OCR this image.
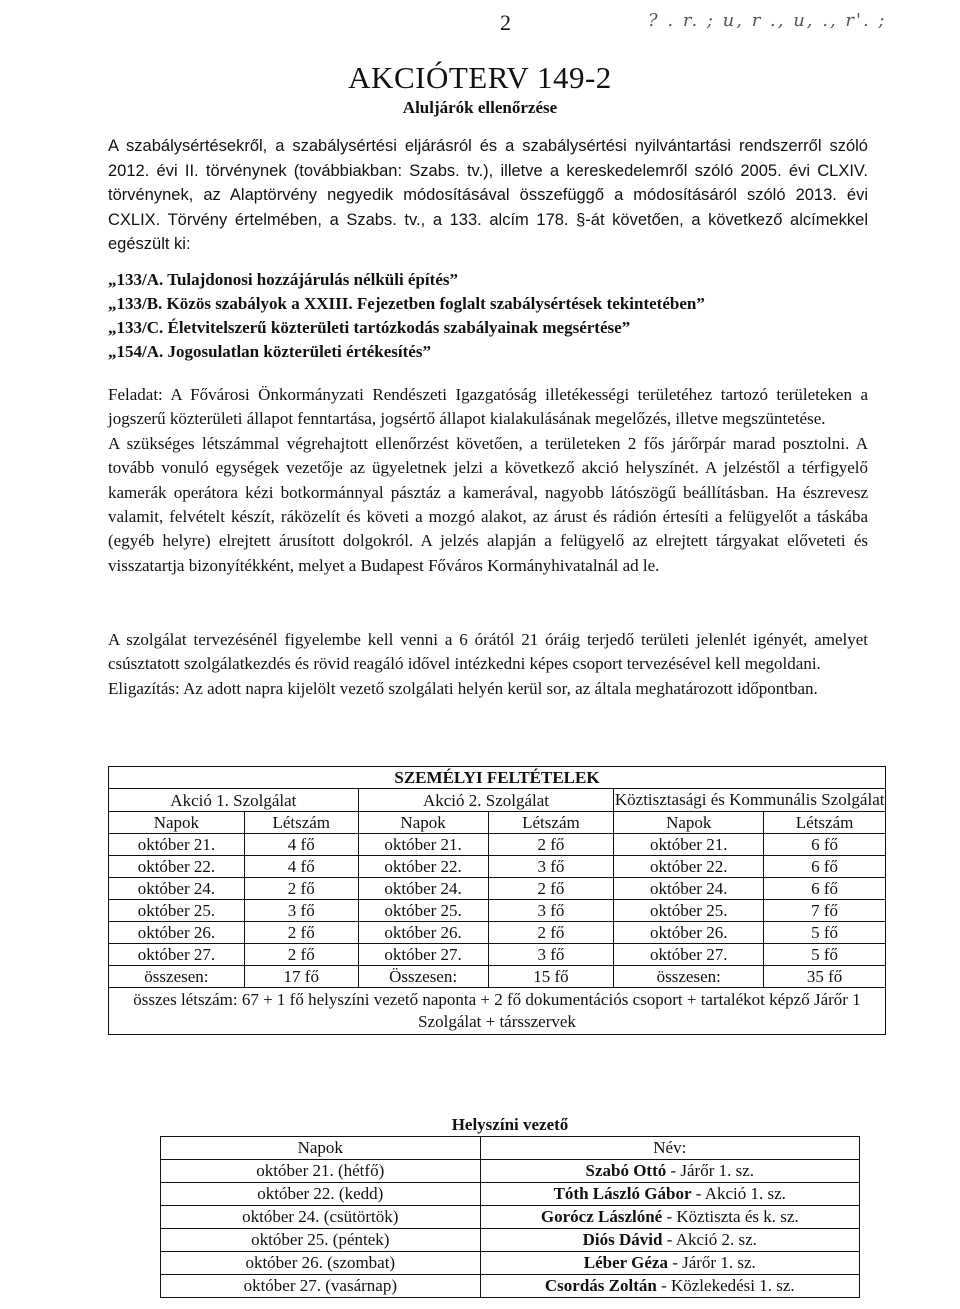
2	? . r. ; u, r ., u, ., r'. ;
AKCIÓTERV 149-2
Aluljárók ellenőrzése
A szabálysértésekről, a szabálysértési eljárásról és a szabálysértési nyilvántartási rendszerről szóló 2012. évi II. törvénynek (továbbiakban: Szabs. tv.), illetve a kereskedelemről szóló 2005. évi CLXIV. törvénynek, az Alaptörvény negyedik módosításával összefüggő a módosításáról szóló 2013. évi CXLIX. Törvény értelmében, a Szabs. tv., a 133. alcím 178. §-át követően, a következő alcímekkel egészült ki:
„133/A. Tulajdonosi hozzájárulás nélküli építés”
„133/B. Közös szabályok a XXIII. Fejezetben foglalt szabálysértések tekintetében”
„133/C. Életvitelszerű közterületi tartózkodás szabályainak megsértése”
„154/A. Jogosulatlan közterületi értékesítés”
Feladat: A Fővárosi Önkormányzati Rendészeti Igazgatóság illetékességi területéhez tartozó területeken a jogszerű közterületi állapot fenntartása, jogsértő állapot kialakulásának megelőzés, illetve megszüntetése.
A szükséges létszámmal végrehajtott ellenőrzést követően, a területeken 2 fős járőrpár marad posztolni. A tovább vonuló egységek vezetője az ügyeletnek jelzi a következő akció helyszínét. A jelzéstől a térfigyelő kamerák operátora kézi botkormánnyal pásztáz a kamerával, nagyobb látószögű beállításban. Ha észrevesz valamit, felvételt készít, ráközelít és követi a mozgó alakot, az árust és rádión értesíti a felügyelőt a táskába (egyéb helyre) elrejtett árusított dolgokról. A jelzés alapján a felügyelő az elrejtett tárgyakat előveteti és visszatartja bizonyítékként, melyet a Budapest Főváros Kormányhivatalnál ad le.
A szolgálat tervezésénél figyelembe kell venni a 6 órától 21 óráig terjedő területi jelenlét igényét, amelyet csúsztatott szolgálatkezdés és rövid reagáló idővel intézkedni képes csoport tervezésével kell megoldani.
Eligazítás: Az adott napra kijelölt vezető szolgálati helyén kerül sor, az általa meghatározott időpontban.
SZEMÉLYI FELTÉTELEK					
Akció 1. Szolgálat		Akció 2. Szolgálat		Köztisztasági és Kommunális Szolgálat	
Napok	Létszám	Napok	Létszám	Napok	Létszám
október 21.	4 fő	október 21.	2 fő	október 21.	6 fő
október 22.	4 fő	október 22.	3 fő	október 22.	6 fő
október 24.	2 fő	október 24.	2 fő	október 24.	6 fő
október 25.	3 fő	október 25.	3 fő	október 25.	7 fő
október 26.	2 fő	október 26.	2 fő	október 26.	5 fő
október 27.	2 fő	október 27.	3 fő	október 27.	5 fő
összesen:	17 fő	Összesen:	15 fő	összesen:	35 fő
összes létszám: 67 + 1 fő helyszíni vezető naponta + 2 fő dokumentációs csoport + tartalékot képző Járőr 1 Szolgálat + társszervek					
Helyszíni vezető	
Napok	Név:
október 21. (hétfő)	Szabó Ottó - Járőr 1. sz.
október 22. (kedd)	Tóth László Gábor - Akció 1. sz.
október 24. (csütörtök)	Gorócz Lászlóné - Köztiszta és k. sz.
október 25. (péntek)	Diós Dávid - Akció 2. sz.
október 26. (szombat)	Léber Géza - Járőr 1. sz.
október 27. (vasárnap)	Csordás Zoltán - Közlekedési 1. sz.
